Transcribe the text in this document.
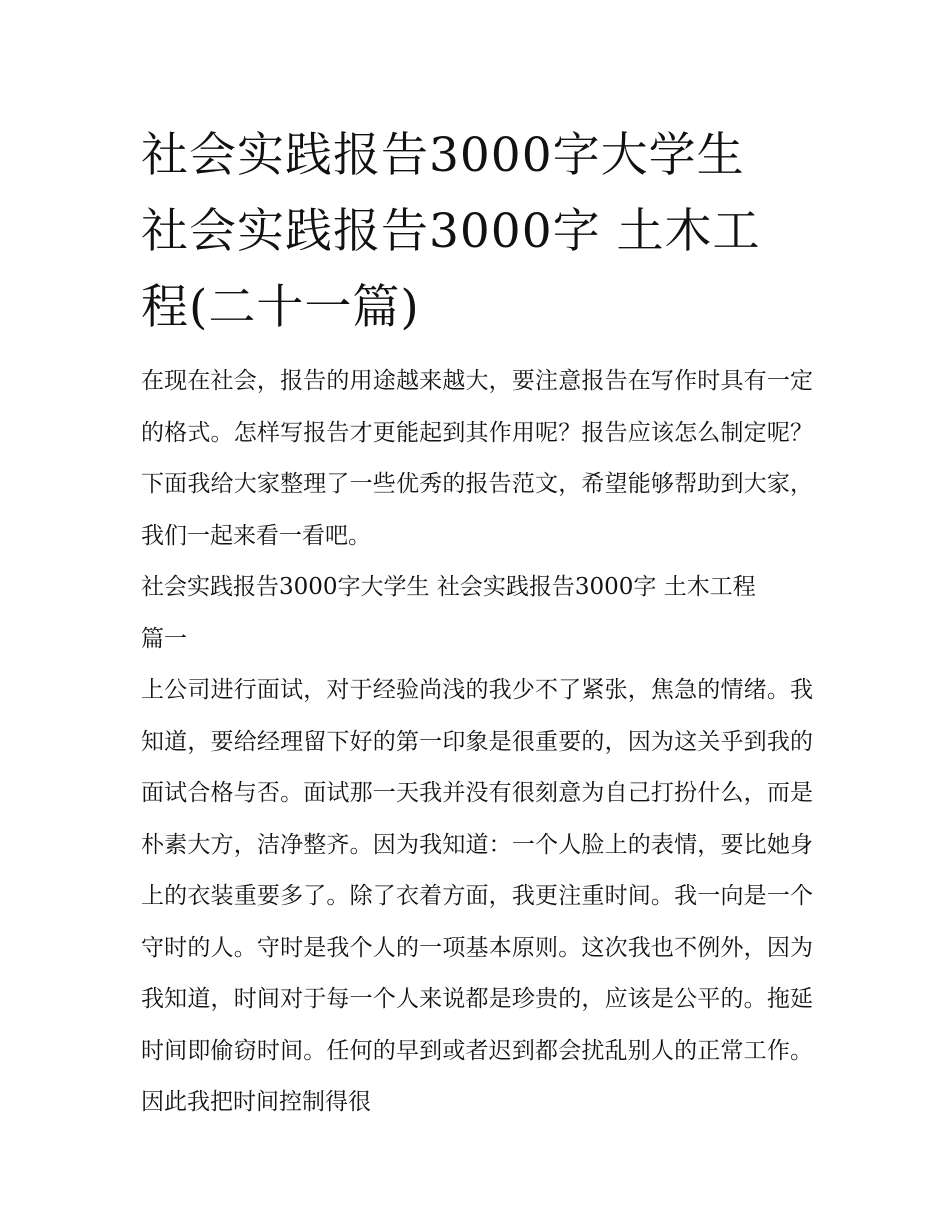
社会实践报告3000字大学生
社会实践报告3000字 土木工
程(二十一篇)

在现在社会，报告的用途越来越大，要注意报告在写作时具有一定的格式。怎样写报告才更能起到其作用呢？报告应该怎么制定呢？下面我给大家整理了一些优秀的报告范文，希望能够帮助到大家，我们一起来看一看吧。

社会实践报告3000字大学生 社会实践报告3000字 土木工程
篇一

上公司进行面试，对于经验尚浅的我少不了紧张，焦急的情绪。我知道，要给经理留下好的第一印象是很重要的，因为这关乎到我的面试合格与否。面试那一天我并没有很刻意为自己打扮什么，而是朴素大方，洁净整齐。因为我知道：一个人脸上的表情，要比她身上的衣装重要多了。除了衣着方面，我更注重时间。我一向是一个守时的人。守时是我个人的一项基本原则。这次我也不例外，因为我知道，时间对于每一个人来说都是珍贵的，应该是公平的。拖延时间即偷窃时间。任何的早到或者迟到都会扰乱别人的正常工作。因此我把时间控制得很
